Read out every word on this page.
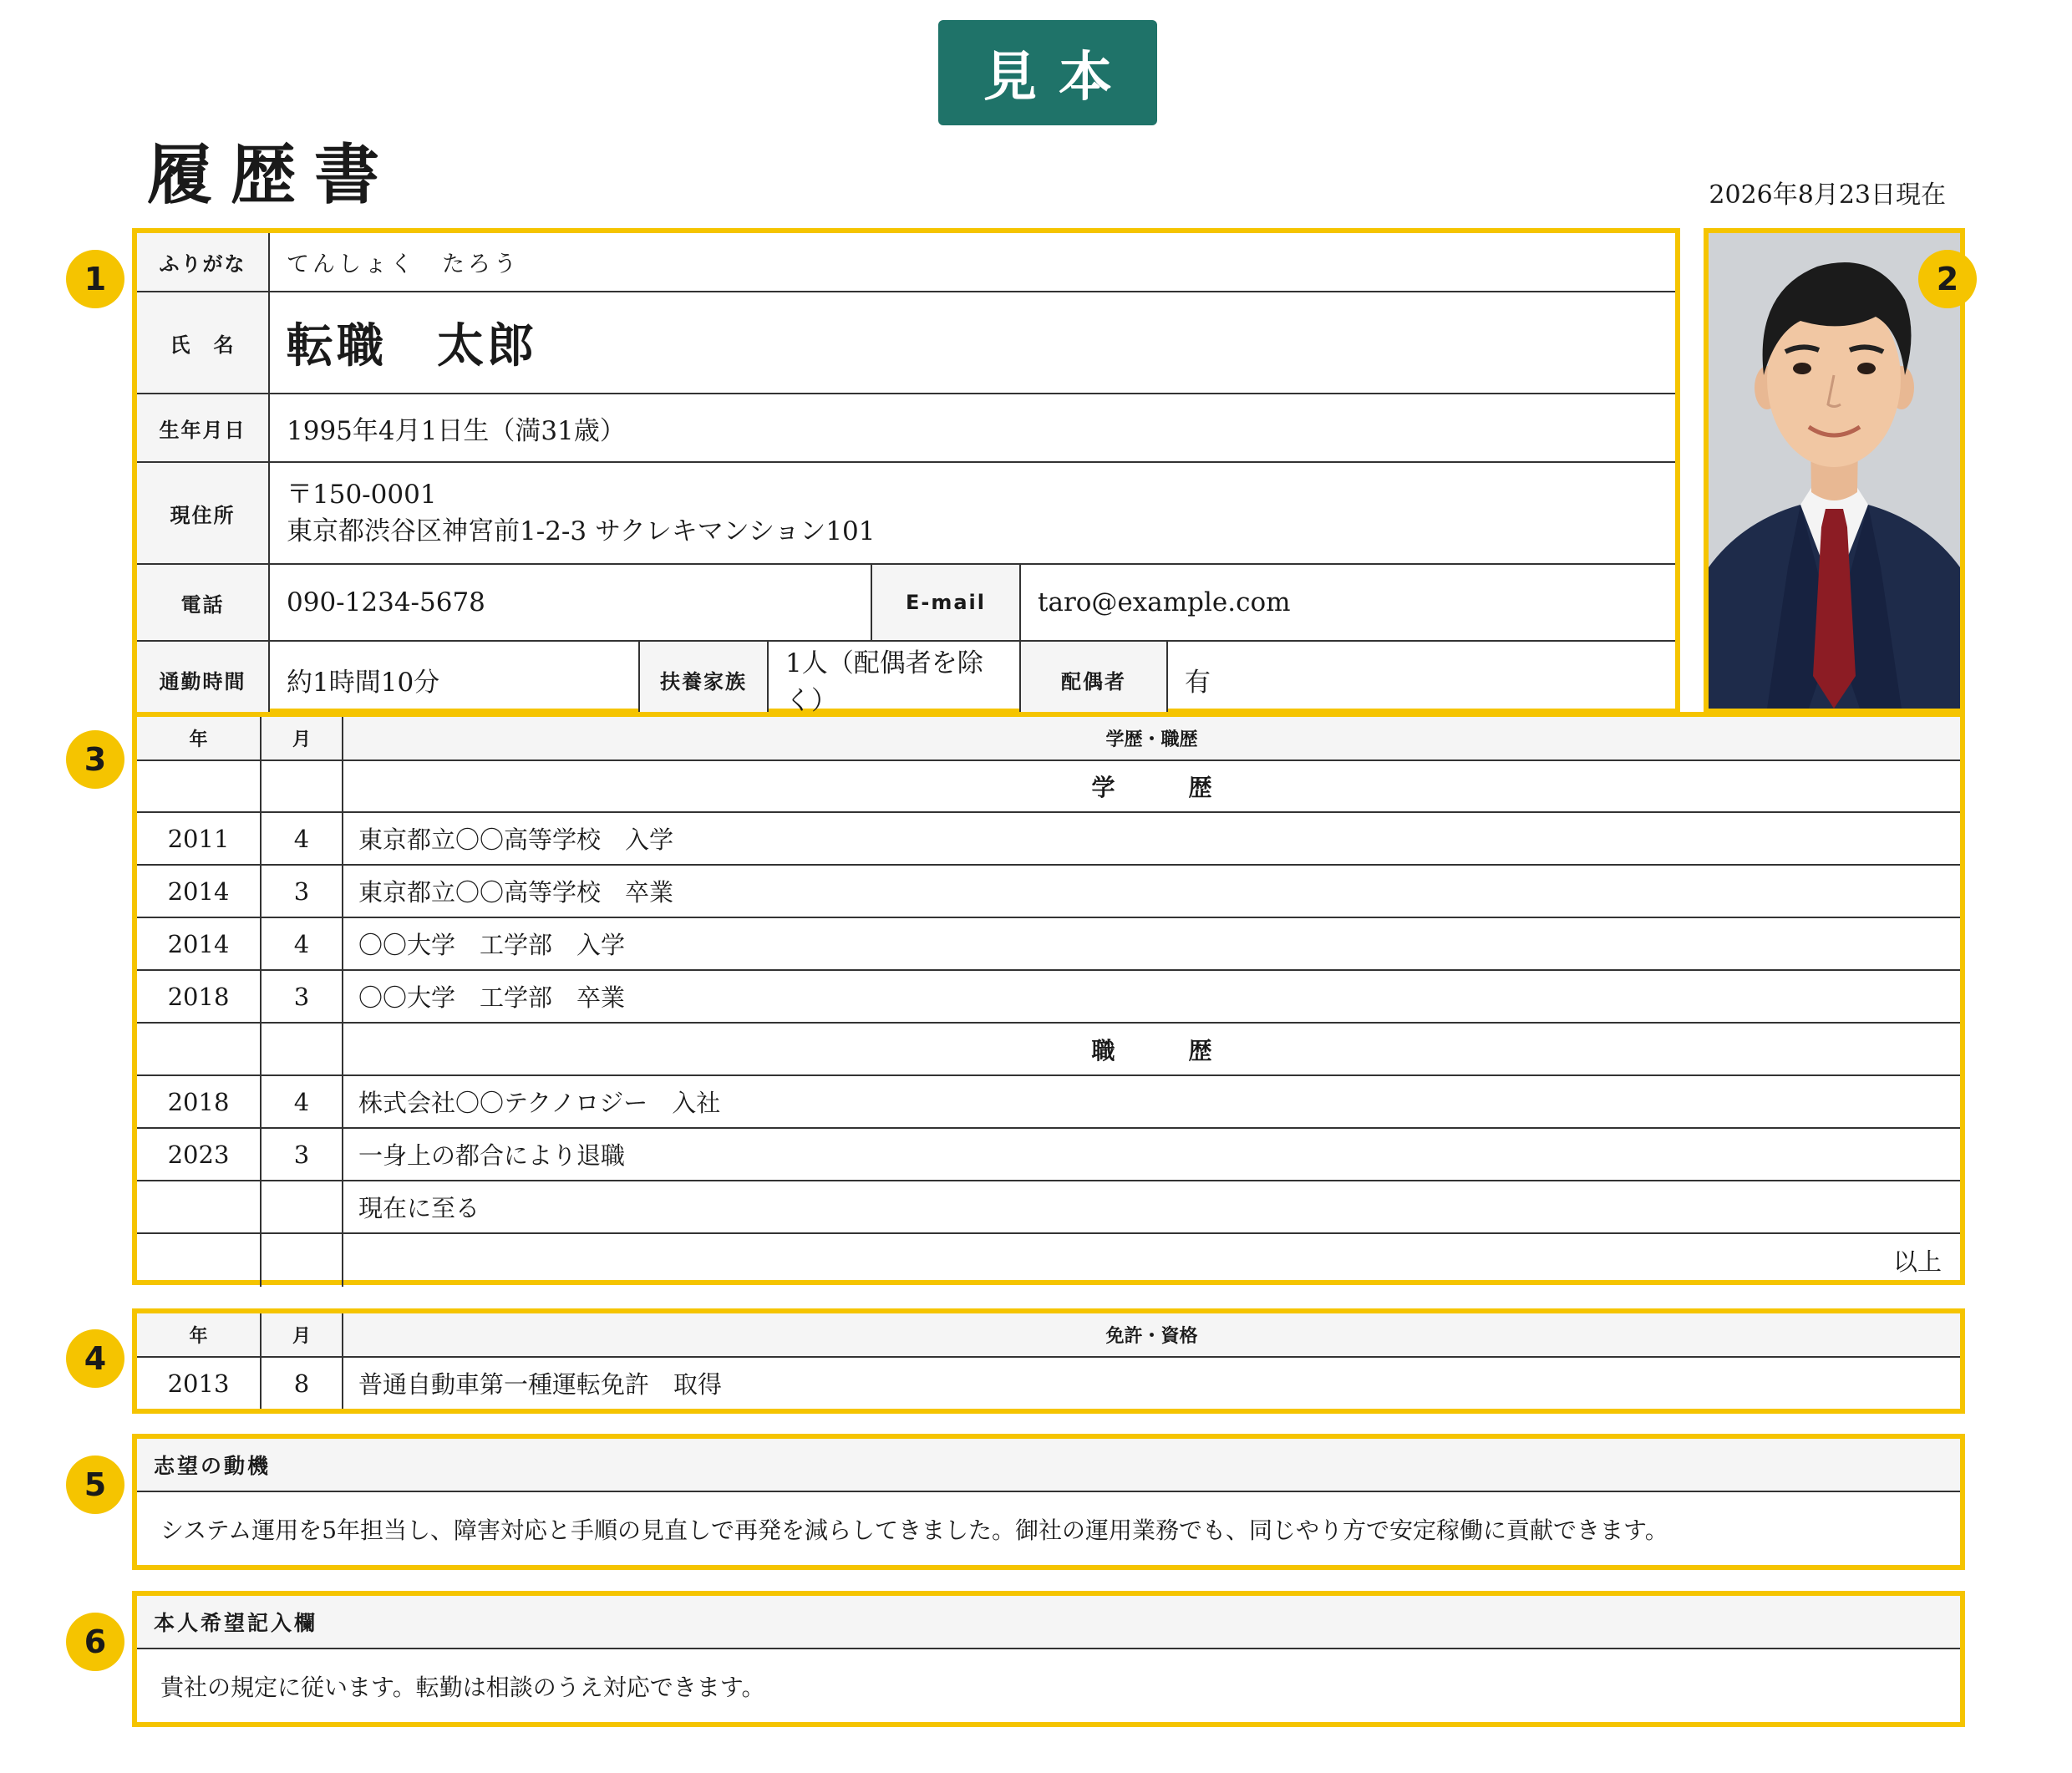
見本
履歴書	2026年8月23日現在
ふりがな	てんしょく　たろう					
氏　名	転職　太郎					
生年月日	1995年4月1日生（満31歳）					
現住所	〒150-0001
東京都渋谷区神宮前1-2-3 サクレキマンション101					

電話	090-1234-5678			E-mail	taro@example.com	
通勤時間	約1時間10分	扶養家族	1人（配偶者を除く）		配偶者	有
年	月	学歴・職歴
		学　歴
2011	4	東京都立〇〇高等学校　入学
2014	3	東京都立〇〇高等学校　卒業
2014	4	〇〇大学　工学部　入学
2018	3	〇〇大学　工学部　卒業
		職　歴
2018	4	株式会社〇〇テクノロジー　入社
2023	3	一身上の都合により退職
		現在に至る
		以上
年	月	免許・資格
2013	8	普通自動車第一種運転免許　取得
志望の動機
システム運用を5年担当し、障害対応と手順の見直しで再発を減らしてきました。御社の運用業務でも、同じやり方で安定稼働に貢献できます。
本人希望記入欄
貴社の規定に従います。転勤は相談のうえ対応できます。
1	2
3
4
5
6
